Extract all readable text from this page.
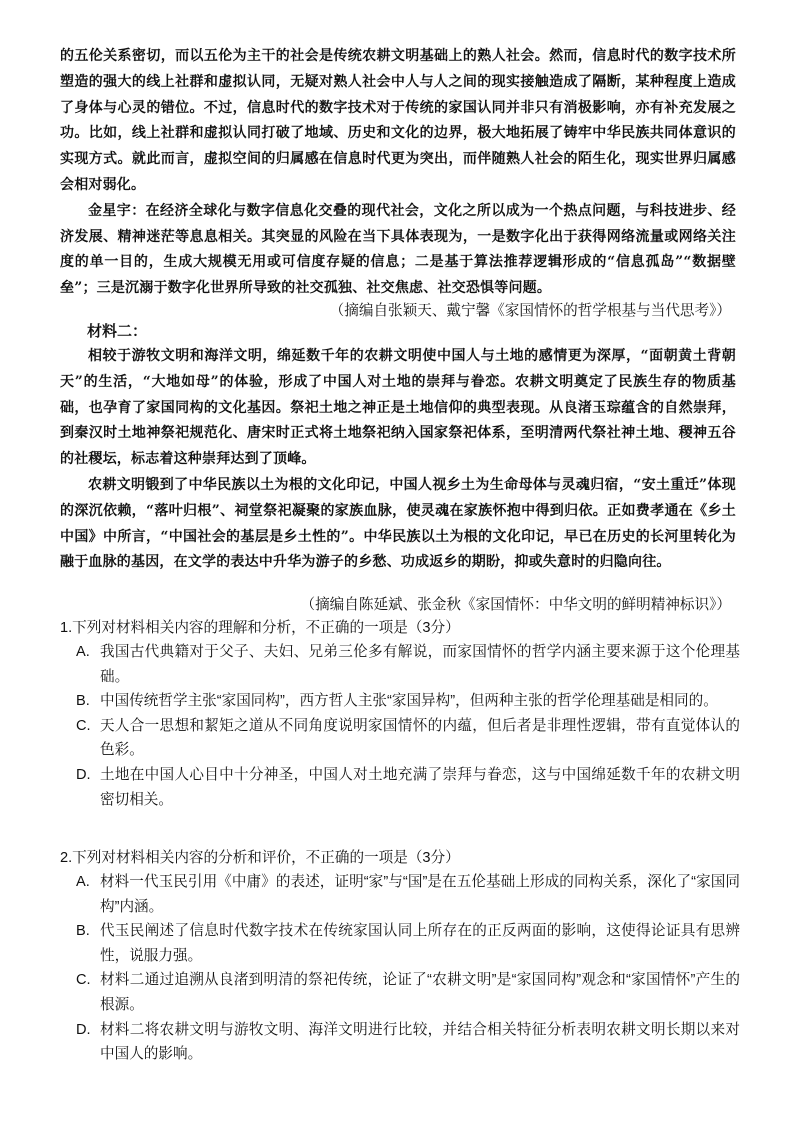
的五伦关系密切，而以五伦为主干的社会是传统农耕文明基础上的熟人社会。然而，信息时代的数字技术所塑造的强大的线上社群和虚拟认同，无疑对熟人社会中人与人之间的现实接触造成了隔断，某种程度上造成了身体与心灵的错位。不过，信息时代的数字技术对于传统的家国认同并非只有消极影响，亦有补充发展之功。比如，线上社群和虚拟认同打破了地域、历史和文化的边界，极大地拓展了铸牢中华民族共同体意识的实现方式。就此而言，虚拟空间的归属感在信息时代更为突出，而伴随熟人社会的陌生化，现实世界归属感会相对弱化。

金星宇：在经济全球化与数字信息化交叠的现代社会，文化之所以成为一个热点问题，与科技进步、经济发展、精神迷茫等息息相关。其突显的风险在当下具体表现为，一是数字化出于获得网络流量或网络关注度的单一目的，生成大规模无用或可信度存疑的信息；二是基于算法推荐逻辑形成的“信息孤岛”“数据壁垒”；三是沉溺于数字化世界所导致的社交孤独、社交焦虑、社交恐惧等问题。

（摘编自张颖天、戴宁馨《家国情怀的哲学根基与当代思考》）
材料二：

相较于游牧文明和海洋文明，绵延数千年的农耕文明使中国人与土地的感情更为深厚，“面朝黄土背朝天”的生活，“大地如母”的体验，形成了中国人对土地的崇拜与眷恋。农耕文明奠定了民族生存的物质基础，也孕育了家国同构的文化基因。祭祀土地之神正是土地信仰的典型表现。从良渚玉琮蕴含的自然崇拜，到秦汉时土地神祭祀规范化、唐宋时正式将土地祭祀纳入国家祭祀体系，至明清两代祭社神土地、稷神五谷的社稷坛，标志着这种崇拜达到了顶峰。

农耕文明锻到了中华民族以土为根的文化印记，中国人视乡土为生命母体与灵魂归宿，“安土重迁”体现的深沉依赖，“落叶归根”、祠堂祭祀凝聚的家族血脉，使灵魂在家族怀抱中得到归依。正如费孝通在《乡土中国》中所言，“中国社会的基层是乡土性的”。中华民族以土为根的文化印记，早已在历史的长河里转化为融于血脉的基因，在文学的表达中升华为游子的乡愁、功成返乡的期盼，抑或失意时的归隐向往。

（摘编自陈延斌、张金秋《家国情怀：中华文明的鲜明精神标识》）

1.下列对材料相关内容的理解和分析，不正确的一项是（3分）

A. 我国古代典籍对于父子、夫妇、兄弟三伦多有解说，而家国情怀的哲学内涵主要来源于这个伦理基础。
B. 中国传统哲学主张“家国同构”，西方哲人主张“家国异构”，但两种主张的哲学伦理基础是相同的。
C. 天人合一思想和絜矩之道从不同角度说明家国情怀的内蕴，但后者是非理性逻辑，带有直觉体认的色彩。
D. 土地在中国人心目中十分神圣，中国人对土地充满了崇拜与眷恋，这与中国绵延数千年的农耕文明密切相关。

2.下列对材料相关内容的分析和评价，不正确的一项是（3分）

A. 材料一代玉民引用《中庸》的表述，证明“家”与“国”是在五伦基础上形成的同构关系，深化了“家国同构”内涵。
B. 代玉民阐述了信息时代数字技术在传统家国认同上所存在的正反两面的影响，这使得论证具有思辨性，说服力强。
C. 材料二通过追溯从良渚到明清的祭祀传统，论证了“农耕文明”是“家国同构”观念和“家国情怀”产生的根源。
D. 材料二将农耕文明与游牧文明、海洋文明进行比较，并结合相关特征分析表明农耕文明长期以来对中国人的影响。
